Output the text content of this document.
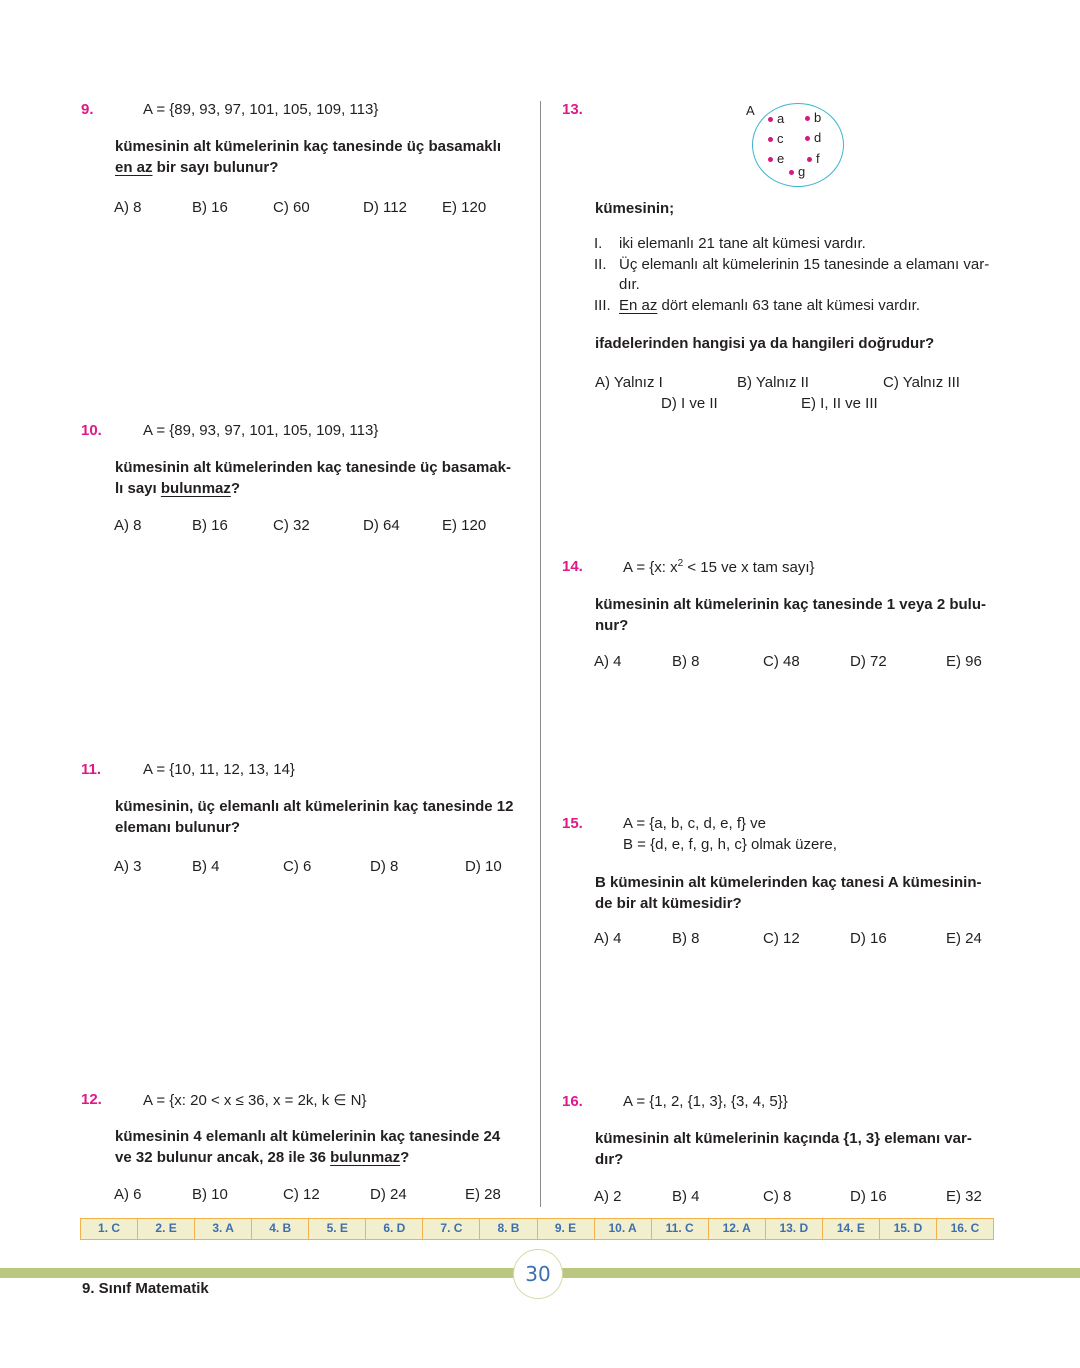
9.	A = {89, 93, 97, 101, 105, 109, 113}
kümesinin alt kümelerinin kaç tanesinde üç basamaklı
en az bir sayı bulunur?
A) 8	B) 16	C) 60	D) 112 E) 120
10.	A = {89, 93, 97, 101, 105, 109, 113}
kümesinin alt kümelerinden kaç tanesinde üç basamak-
lı sayı bulunmaz?
A) 8	B) 16	C) 32	D) 64	E) 120
11.	A = {10, 11, 12, 13, 14}
kümesinin, üç elemanlı alt kümelerinin kaç tanesinde 12
elemanı bulunur?
A) 3	B) 4	C) 6	D) 8	D) 10
12.	A = {x: 20 < x ≤ 36, x = 2k, k ∈ N}
kümesinin 4 elemanlı alt kümelerinin kaç tanesinde 24
ve 32 bulunur ancak, 28 ile 36 bulunmaz?
A) 6	B) 10	C) 12	D) 24	E) 28
13.	A
a	b
c	d
e	f
g
kümesinin;
I. iki elemanlı 21 tane alt kümesi vardır.
II. Üç elemanlı alt kümelerinin 15 tanesinde a elamanı var-dır.
III. En az dört elemanlı 63 tane alt kümesi vardır.
ifadelerinden hangisi ya da hangileri doğrudur?
A) Yalnız I	B) Yalnız II	C) Yalnız III
D) I ve II	E) I, II ve III
14.	A = {x: $x^2 < 15$ ve x tam sayı}
kümesinin alt kümelerinin kaç tanesinde 1 veya 2 bulu-
nur?
A) 4	B) 8	C) 48	D) 72	E) 96
15.	A = {a, b, c, d, e, f} ve
B = {d, e, f, g, h, c} olmak üzere,
B kümesinin alt kümelerinden kaç tanesi A kümesinin-
de bir alt kümesidir?
A) 4	B) 8	C) 12	D) 16	E) 24
16.	A = {1, 2, {1, 3}, {3, 4, 5}}
kümesinin alt kümelerinin kaçında {1, 3} elemanı var-
dır?
A) 2	B) 4	C) 8	D) 16	E) 32
1. C	2. E	3. A	4. B	5. E	6. D	7. C	8. B	9. E	10. A	11. C	12. A	13. D	14. E	15. D	16. C
30
9. Sınıf Matematik
